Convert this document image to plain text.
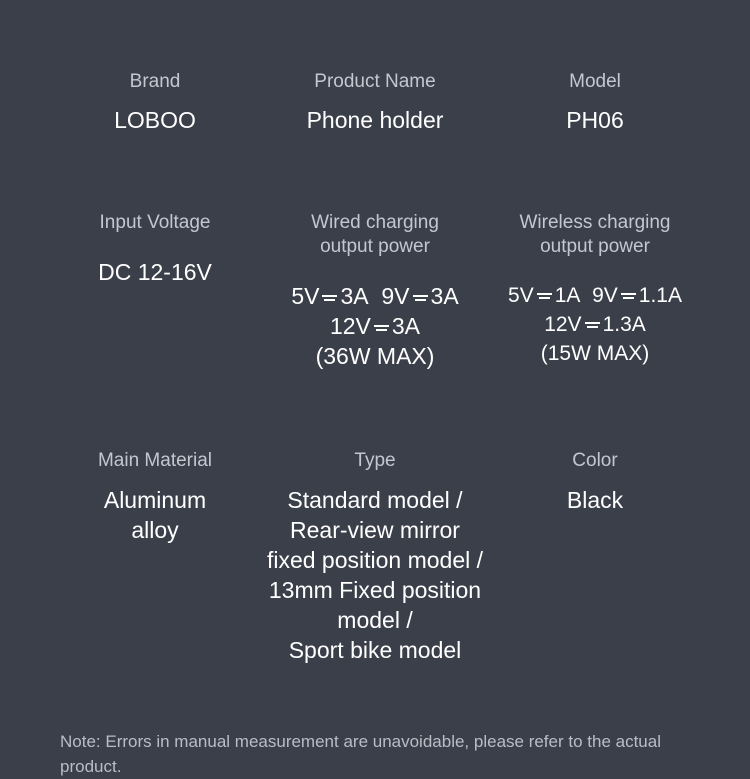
Brand
LOBOO
Product Name
Phone holder
Model
PH06
Input Voltage
DC 12-16V
Wired charging
output power
5V 3A 9V 3A
12V 3A
(36W MAX)
Wireless charging
output power
5V 1A 9V 1.1A
12V 1.3A
(15W MAX)
Main Material
Aluminum
alloy
Type
Standard model /
Rear-view mirror
fixed position model /
13mm Fixed position model /
Sport bike model
Color
Black
Note: Errors in manual measurement are unavoidable, please refer to the actual product.
